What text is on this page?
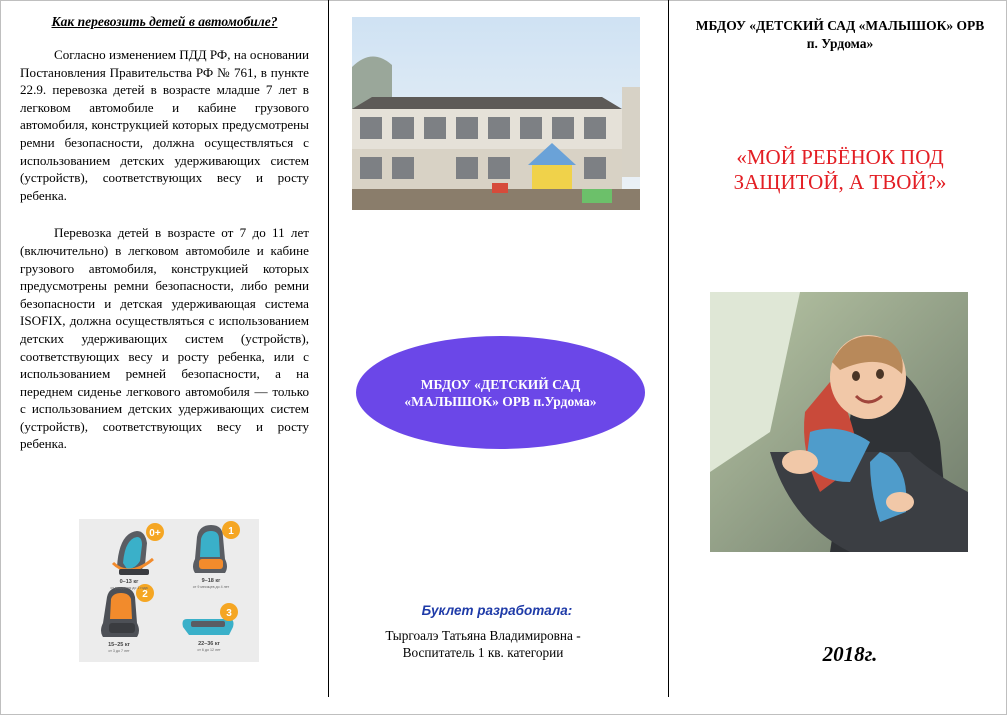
Как перевозить детей в автомобиле?

Согласно изменением ПДД РФ, на основании Постановления Правительства РФ № 761, в пункте 22.9. перевозка детей в возрасте младше 7 лет в легковом автомобиле и кабине грузового автомобиля, конструкцией которых предусмотрены ремни безопасности, должна осуществляться с использованием детских удерживающих систем (устройств), соответствующих весу и росту ребенка.

Перевозка детей в возрасте от 7 до 11 лет (включительно) в легковом автомобиле и кабине грузового автомобиля, конструкцией которых предусмотрены ремни безопасности, либо ремни безопасности и детская удерживающая система ISOFIX, должна осуществляться с использованием детских удерживающих систем (устройств), соответствующих весу и росту ребенка, или с использованием ремней безопасности, а на переднем сиденье легкового автомобиля — только с использованием детских удерживающих систем (устройств), соответствующих весу и росту ребенка.

0+	1
2
3
0–13 кг
от рождения до 1 года
9–18 кг
от 9 месяцев до 4 лет
15–25 кг
от 3 до 7 лет
22–36 кг
от 6 до 12 лет
МБДОУ «ДЕТСКИЙ САД «МАЛЫШОК» ОРВ п.Урдома»
Буклет разработала:
Тыргоалэ Татьяна Владимировна - Воспитатель 1 кв. категории
МБДОУ «ДЕТСКИЙ САД «МАЛЫШОК» ОРВ п. Урдома»
«МОЙ РЕБЁНОК ПОД ЗАЩИТОЙ, А ТВОЙ?»
2018г.
